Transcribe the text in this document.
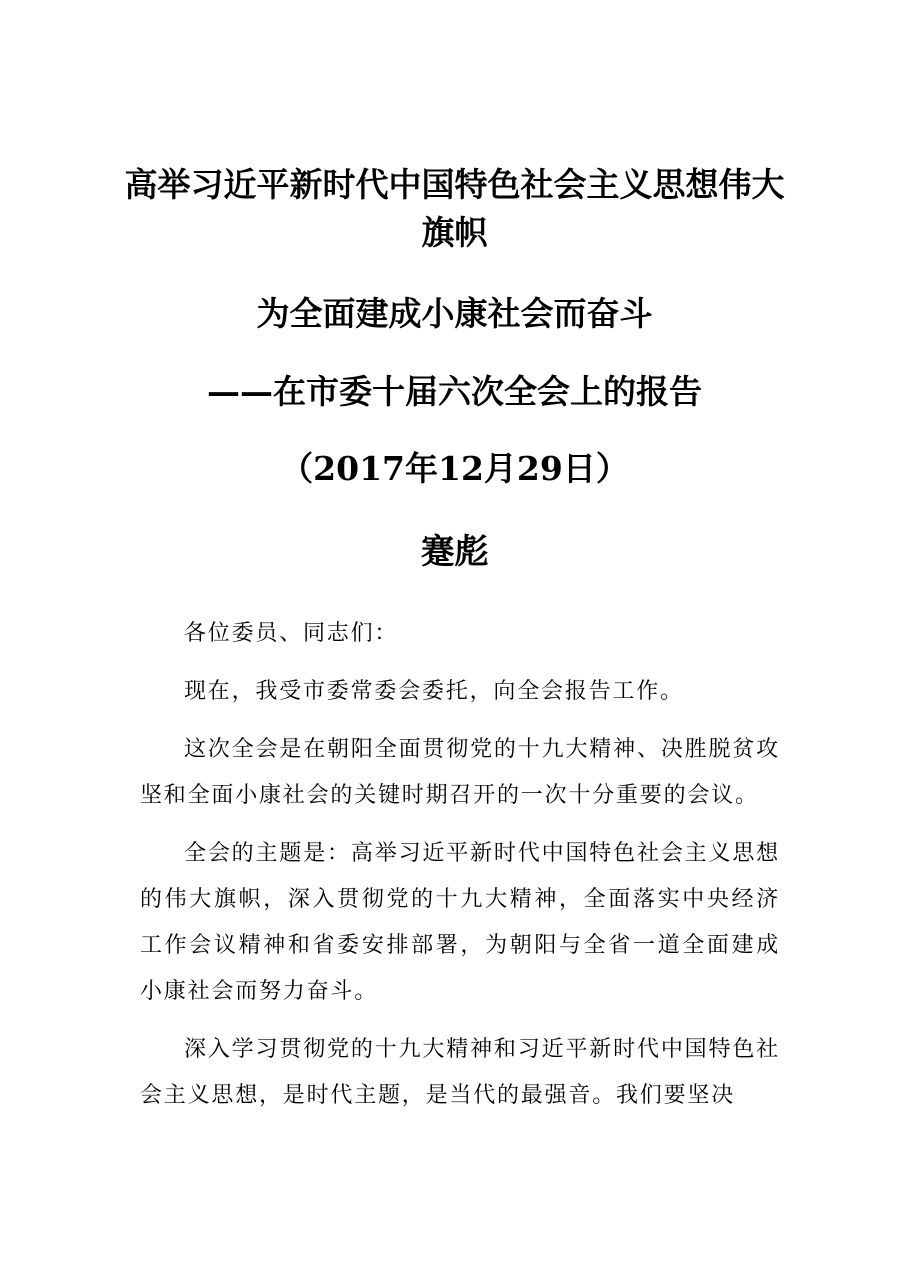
高举习近平新时代中国特色社会主义思想伟大旗帜
为全面建成小康社会而奋斗
——在市委十届六次全会上的报告
（2017年12月29日）
蹇彪

各位委员、同志们：

现在，我受市委常委会委托，向全会报告工作。

这次全会是在朝阳全面贯彻党的十九大精神、决胜脱贫攻坚和全面小康社会的关键时期召开的一次十分重要的会议。

全会的主题是：高举习近平新时代中国特色社会主义思想的伟大旗帜，深入贯彻党的十九大精神，全面落实中央经济工作会议精神和省委安排部署，为朝阳与全省一道全面建成小康社会而努力奋斗。

深入学习贯彻党的十九大精神和习近平新时代中国特色社会主义思想，是时代主题，是当代的最强音。我们要坚决
